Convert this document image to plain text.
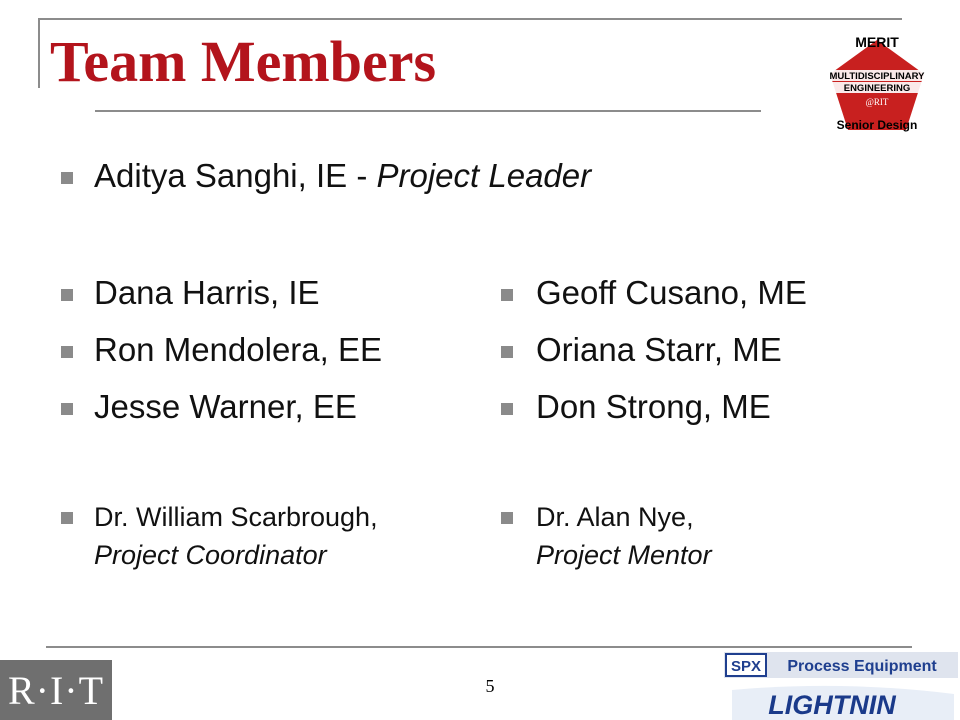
Team Members	MERIT
MULTIDISCIPLINARY
ENGINEERING
@RIT
Senior Design
Aditya Sanghi, IE - Project Leader
Dana Harris, IE
Ron Mendolera, EE
Jesse Warner, EE
Geoff Cusano, ME
Oriana Starr, ME
Don Strong, ME
Dr. William Scarbrough,
Project Coordinator
Dr. Alan Nye,
Project Mentor
R·I·T	5
SPX Process Equipment
LIGHTNIN
